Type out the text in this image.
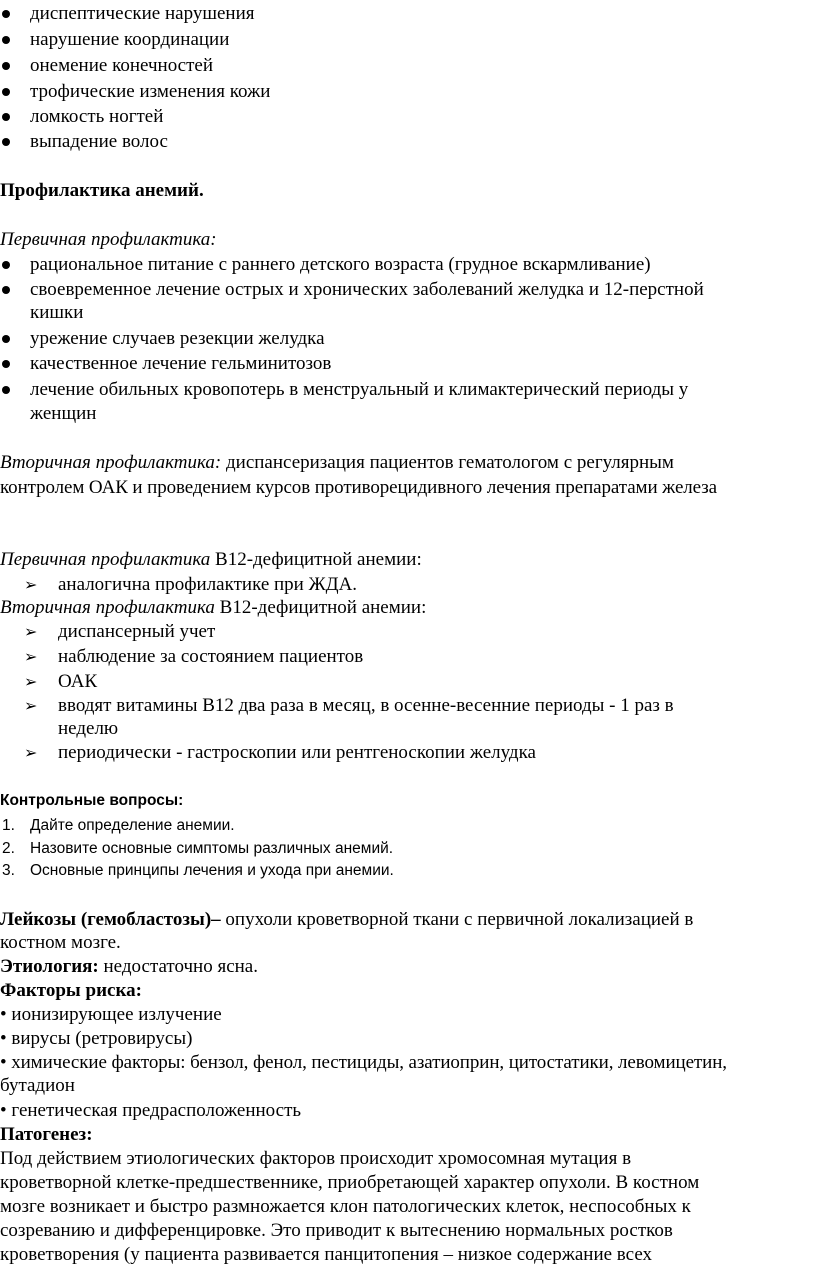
диспептические нарушения
нарушение координации
онемение конечностей
трофические изменения кожи
ломкость ногтей
выпадение волос
Профилактика анемий.
Первичная профилактика:
рациональное питание с раннего детского возраста (грудное вскармливание)
своевременное лечение острых и хронических заболеваний желудка и 12-перстной
кишки
урежение случаев резекции желудка
качественное лечение гельминитозов
лечение обильных кровопотерь в менструальный и климактерический периоды у
женщин
Вторичная профилактика: диспансеризация пациентов гематологом с регулярным
контролем ОАК и проведением курсов противорецидивного лечения препаратами железа
Первичная профилактика В12-дефицитной анемии:
➢ аналогична профилактике при ЖДА.
Вторичная профилактика В12-дефицитной анемии:
➢ диспансерный учет
➢ наблюдение за состоянием пациентов
➢ ОАК
➢ вводят витамины В12 два раза в месяц, в осенне-весенние периоды - 1 раз в
неделю
➢ периодически - гастроскопии или рентгеноскопии желудка
Контрольные вопросы:
1. Дайте определение анемии.
2. Назовите основные симптомы различных анемий.
3. Основные принципы лечения и ухода при анемии.
Лейкозы (гемобластозы)– опухоли кроветворной ткани с первичной локализацией в
костном мозге.
Этиология: недостаточно ясна.
Факторы риска:
• ионизирующее излучение
• вирусы (ретровирусы)
• химические факторы: бензол, фенол, пестициды, азатиоприн, цитостатики, левомицетин,
бутадион
• генетическая предрасположенность
Патогенез:
Под действием этиологических факторов происходит хромосомная мутация в
кроветворной клетке-предшественнике, приобретающей характер опухоли. В костном
мозге возникает и быстро размножается клон патологических клеток, неспособных к
созреванию и дифференцировке. Это приводит к вытеснению нормальных ростков
кроветворения (у пациента развивается панцитопения – низкое содержание всех
